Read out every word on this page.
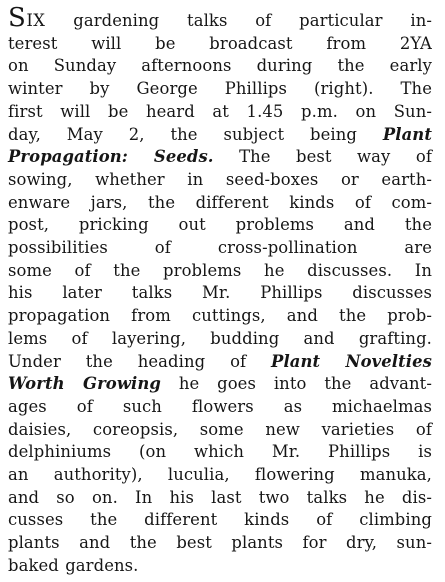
SIX gardening talks of particular in-
terest will be broadcast from 2YA
on Sunday afternoons during the early
winter by George Phillips (right). The
first will be heard at 1.45 p.m. on Sun-
day, May 2, the subject being Plant
Propagation: Seeds. The best way of
sowing, whether in seed-boxes or earth-
enware jars, the different kinds of com-
post, pricking out problems and the
possibilities of cross-pollination are
some of the problems he discusses. In
his later talks Mr. Phillips discusses
propagation from cuttings, and the prob-
lems of layering, budding and grafting.
Under the heading of Plant Novelties
Worth Growing he goes into the advant-
ages of such flowers as michaelmas
daisies, coreopsis, some new varieties of
delphiniums (on which Mr. Phillips is
an authority), luculia, flowering manuka,
and so on. In his last two talks he dis-
cusses the different kinds of climbing
plants and the best plants for dry, sun-
baked gardens.
